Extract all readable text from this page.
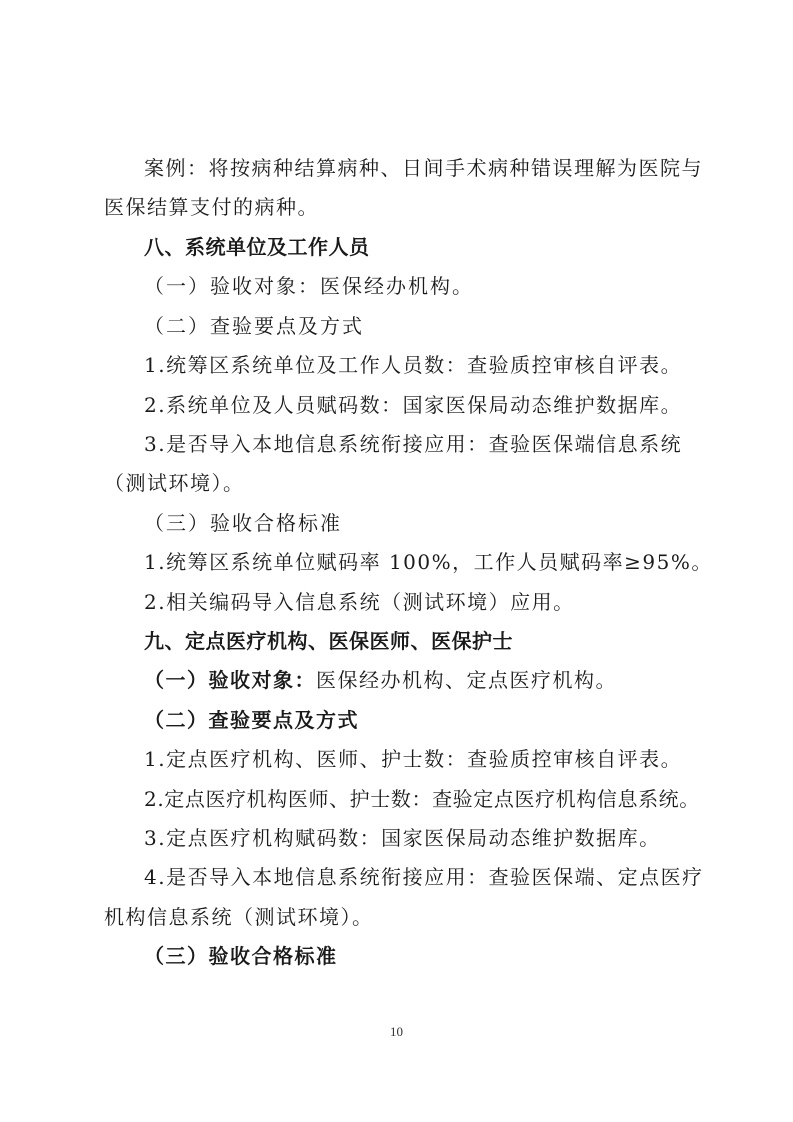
案例：将按病种结算病种、日间手术病种错误理解为医院与
医保结算支付的病种。
八、系统单位及工作人员
（一）验收对象：医保经办机构。
（二）查验要点及方式
1.统筹区系统单位及工作人员数：查验质控审核自评表。
2.系统单位及人员赋码数：国家医保局动态维护数据库。
3.是否导入本地信息系统衔接应用：查验医保端信息系统
（测试环境）。
（三）验收合格标准
1.统筹区系统单位赋码率 100%，工作人员赋码率≥95%。
2.相关编码导入信息系统（测试环境）应用。
九、定点医疗机构、医保医师、医保护士
（一）验收对象：医保经办机构、定点医疗机构。
（二）查验要点及方式
1.定点医疗机构、医师、护士数：查验质控审核自评表。
2.定点医疗机构医师、护士数：查验定点医疗机构信息系统。
3.定点医疗机构赋码数：国家医保局动态维护数据库。
4.是否导入本地信息系统衔接应用：查验医保端、定点医疗
机构信息系统（测试环境）。
（三）验收合格标准
10
